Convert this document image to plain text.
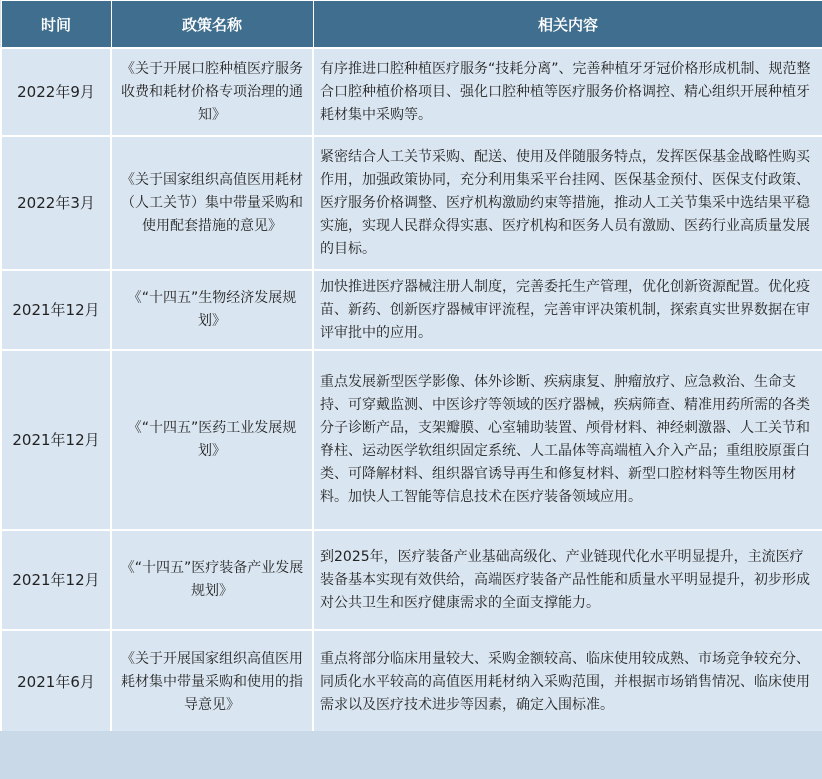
时间	政策名称	相关内容
2022年9月	《关于开展口腔种植医疗服务收费和耗材价格专项治理的通知》	有序推进口腔种植医疗服务“技耗分离”、完善种植牙牙冠价格形成机制、规范整合口腔种植价格项目、强化口腔种植等医疗服务价格调控、精心组织开展种植牙耗材集中采购等。
2022年3月	《关于国家组织高值医用耗材（人工关节）集中带量采购和使用配套措施的意见》	紧密结合人工关节采购、配送、使用及伴随服务特点，发挥医保基金战略性购买作用，加强政策协同，充分利用集采平台挂网、医保基金预付、医保支付政策、医疗服务价格调整、医疗机构激励约束等措施，推动人工关节集采中选结果平稳实施，实现人民群众得实惠、医疗机构和医务人员有激励、医药行业高质量发展的目标。
2021年12月	《“十四五”生物经济发展规划》	加快推进医疗器械注册人制度，完善委托生产管理，优化创新资源配置。优化疫苗、新药、创新医疗器械审评流程，完善审评决策机制，探索真实世界数据在审评审批中的应用。
2021年12月	《“十四五”医药工业发展规划》	重点发展新型医学影像、体外诊断、疾病康复、肿瘤放疗、应急救治、生命支持、可穿戴监测、中医诊疗等领域的医疗器械，疾病筛查、精准用药所需的各类分子诊断产品，支架瓣膜、心室辅助装置、颅骨材料、神经刺激器、人工关节和脊柱、运动医学软组织固定系统、人工晶体等高端植入介入产品；重组胶原蛋白类、可降解材料、组织器官诱导再生和修复材料、新型口腔材料等生物医用材料。加快人工智能等信息技术在医疗装备领域应用。
2021年12月	《“十四五”医疗装备产业发展规划》	到2025年，医疗装备产业基础高级化、产业链现代化水平明显提升，主流医疗装备基本实现有效供给，高端医疗装备产品性能和质量水平明显提升，初步形成对公共卫生和医疗健康需求的全面支撑能力。
2021年6月	《关于开展国家组织高值医用耗材集中带量采购和使用的指导意见》	重点将部分临床用量较大、采购金额较高、临床使用较成熟、市场竞争较充分、同质化水平较高的高值医用耗材纳入采购范围，并根据市场销售情况、临床使用需求以及医疗技术进步等因素，确定入围标准。
